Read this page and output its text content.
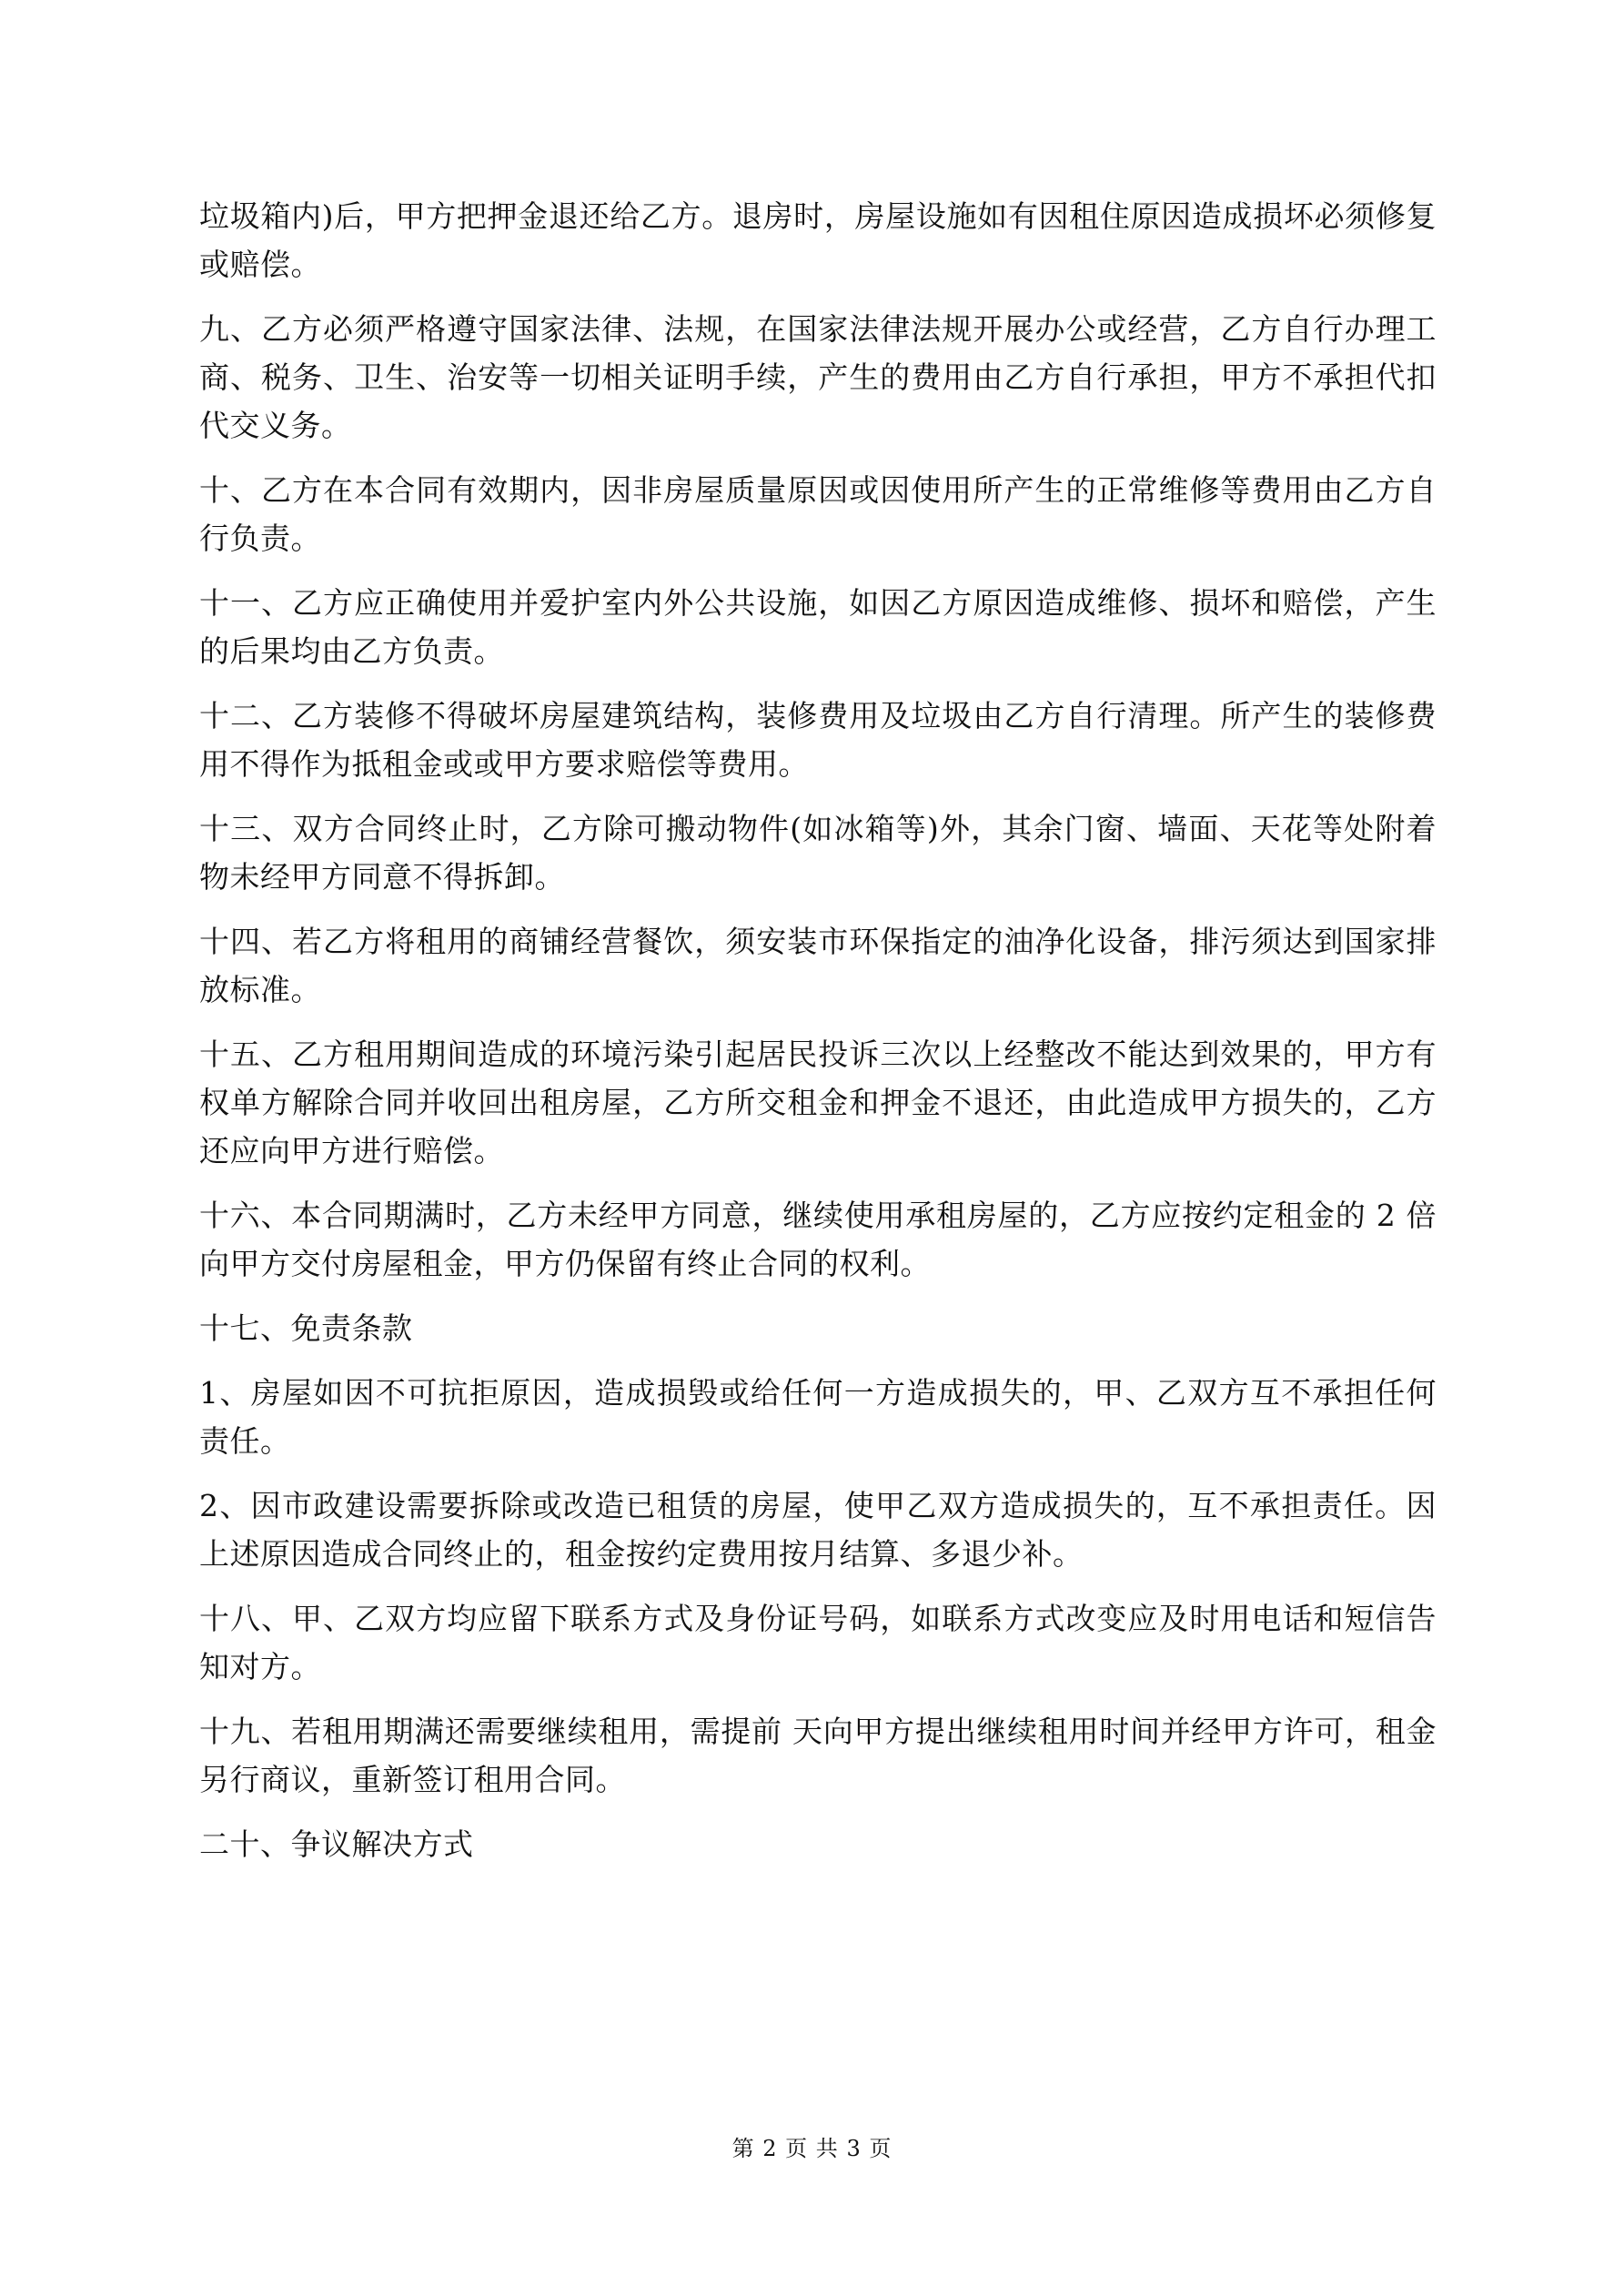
垃圾箱内)后，甲方把押金退还给乙方。退房时，房屋设施如有因租住原因造成损坏必须修复或赔偿。

九、乙方必须严格遵守国家法律、法规，在国家法律法规开展办公或经营，乙方自行办理工商、税务、卫生、治安等一切相关证明手续，产生的费用由乙方自行承担，甲方不承担代扣代交义务。

十、乙方在本合同有效期内，因非房屋质量原因或因使用所产生的正常维修等费用由乙方自行负责。

十一、乙方应正确使用并爱护室内外公共设施，如因乙方原因造成维修、损坏和赔偿，产生的后果均由乙方负责。

十二、乙方装修不得破坏房屋建筑结构，装修费用及垃圾由乙方自行清理。所产生的装修费用不得作为抵租金或或甲方要求赔偿等费用。

十三、双方合同终止时，乙方除可搬动物件(如冰箱等)外，其余门窗、墙面、天花等处附着物未经甲方同意不得拆卸。

十四、若乙方将租用的商铺经营餐饮，须安装市环保指定的油净化设备，排污须达到国家排放标准。

十五、乙方租用期间造成的环境污染引起居民投诉三次以上经整改不能达到效果的，甲方有权单方解除合同并收回出租房屋，乙方所交租金和押金不退还，由此造成甲方损失的，乙方还应向甲方进行赔偿。

十六、本合同期满时，乙方未经甲方同意，继续使用承租房屋的，乙方应按约定租金的 2 倍向甲方交付房屋租金，甲方仍保留有终止合同的权利。

十七、免责条款

1、房屋如因不可抗拒原因，造成损毁或给任何一方造成损失的，甲、乙双方互不承担任何责任。

2、因市政建设需要拆除或改造已租赁的房屋，使甲乙双方造成损失的，互不承担责任。因上述原因造成合同终止的，租金按约定费用按月结算、多退少补。

十八、甲、乙双方均应留下联系方式及身份证号码，如联系方式改变应及时用电话和短信告知对方。

十九、若租用期满还需要继续租用，需提前 天向甲方提出继续租用时间并经甲方许可，租金另行商议，重新签订租用合同。

二十、争议解决方式

第 2 页 共 3 页
